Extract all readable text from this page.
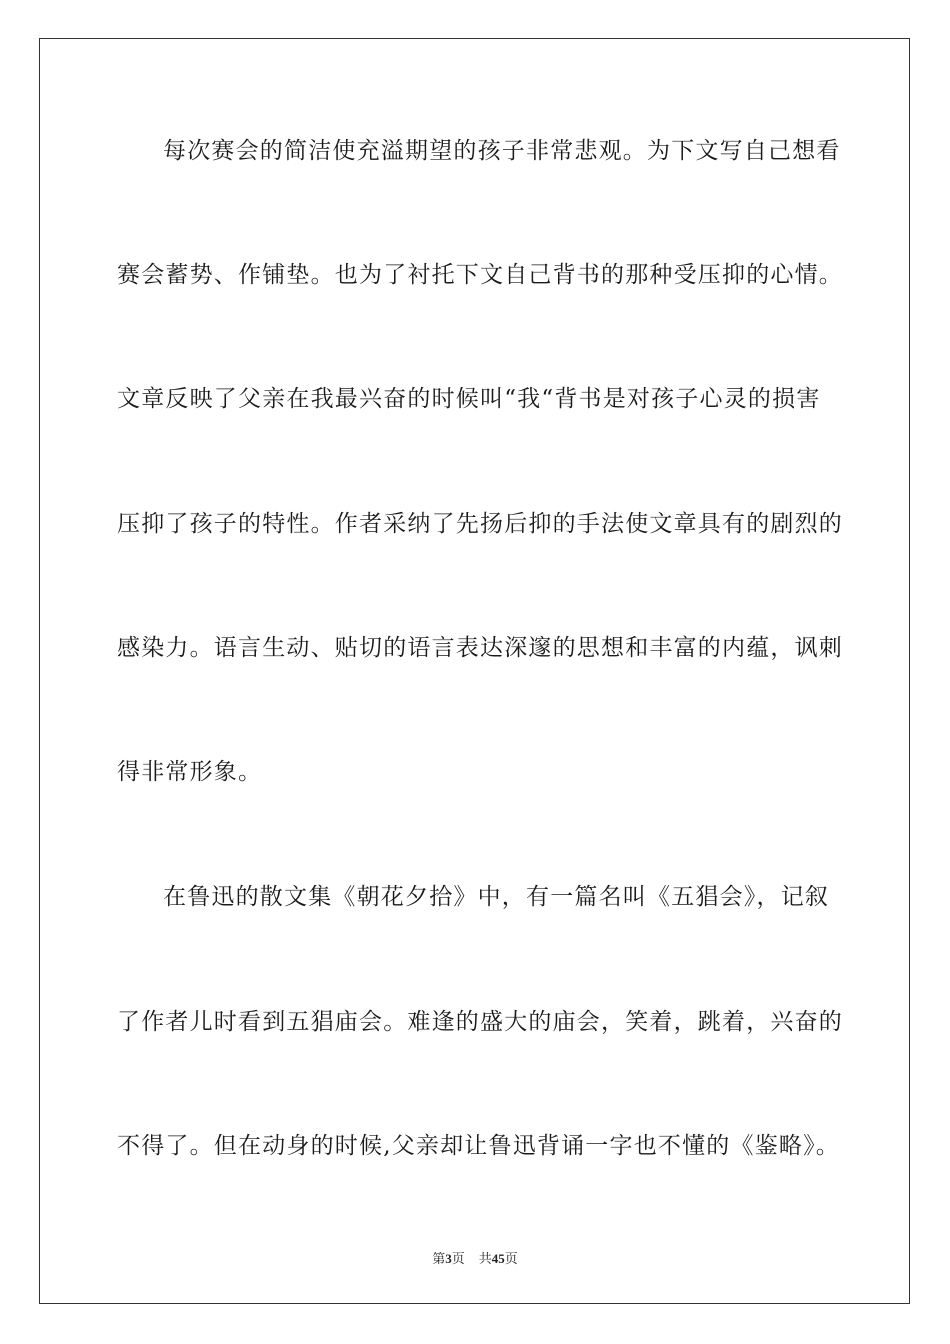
每次赛会的简洁使充溢期望的孩子非常悲观。为下文写自己想看
赛会蓄势、作铺垫。也为了衬托下文自己背书的那种受压抑的心情。
文章反映了父亲在我最兴奋的时候叫“我“背书是对孩子心灵的损害
压抑了孩子的特性。作者采纳了先扬后抑的手法使文章具有的剧烈的
感染力。语言生动、贴切的语言表达深邃的思想和丰富的内蕴，讽刺
得非常形象。
在鲁迅的散文集《朝花夕拾》中，有一篇名叫《五猖会》，记叙
了作者儿时看到五猖庙会。难逢的盛大的庙会，笑着，跳着，兴奋的
不得了。但在动身的时候,父亲却让鲁迅背诵一字也不懂的《鉴略》。
第3页 共45页
